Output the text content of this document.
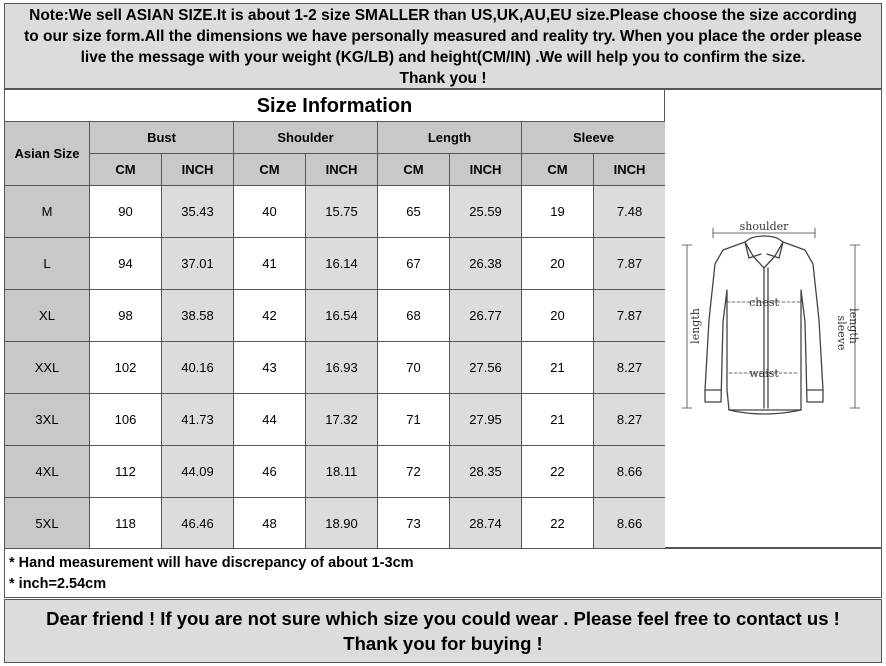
Note:We sell ASIAN SIZE.It is about 1-2 size SMALLER than US,UK,AU,EU size.Please choose the size according
to our size form.All the dimensions we have personally measured and reality try. When you place the order please
live the message with your weight (KG/LB) and height(CM/IN) .We will help you to confirm the size.
Thank you !
Size Information
Asian Size	Bust		Shoulder		Length		Sleeve	
	CM	INCH	CM	INCH	CM	INCH	CM	INCH
M	90	35.43	40	15.75	65	25.59	19	7.48
L	94	37.01	41	16.14	67	26.38	20	7.87
XL	98	38.58	42	16.54	68	26.77	20	7.87
XXL	102	40.16	43	16.93	70	27.56	21	8.27
3XL	106	41.73	44	17.32	71	27.95	21	8.27
4XL	112	44.09	46	18.11	72	28.35	22	8.66
5XL	118	46.46	48	18.90	73	28.74	22	8.66
shoulder
chest
waist
length	sleeve length
* Hand measurement will have discrepancy of about 1-3cm
* inch=2.54cm
Dear friend ! If you are not sure which size you could wear . Please feel free to contact us !
Thank you for buying !
